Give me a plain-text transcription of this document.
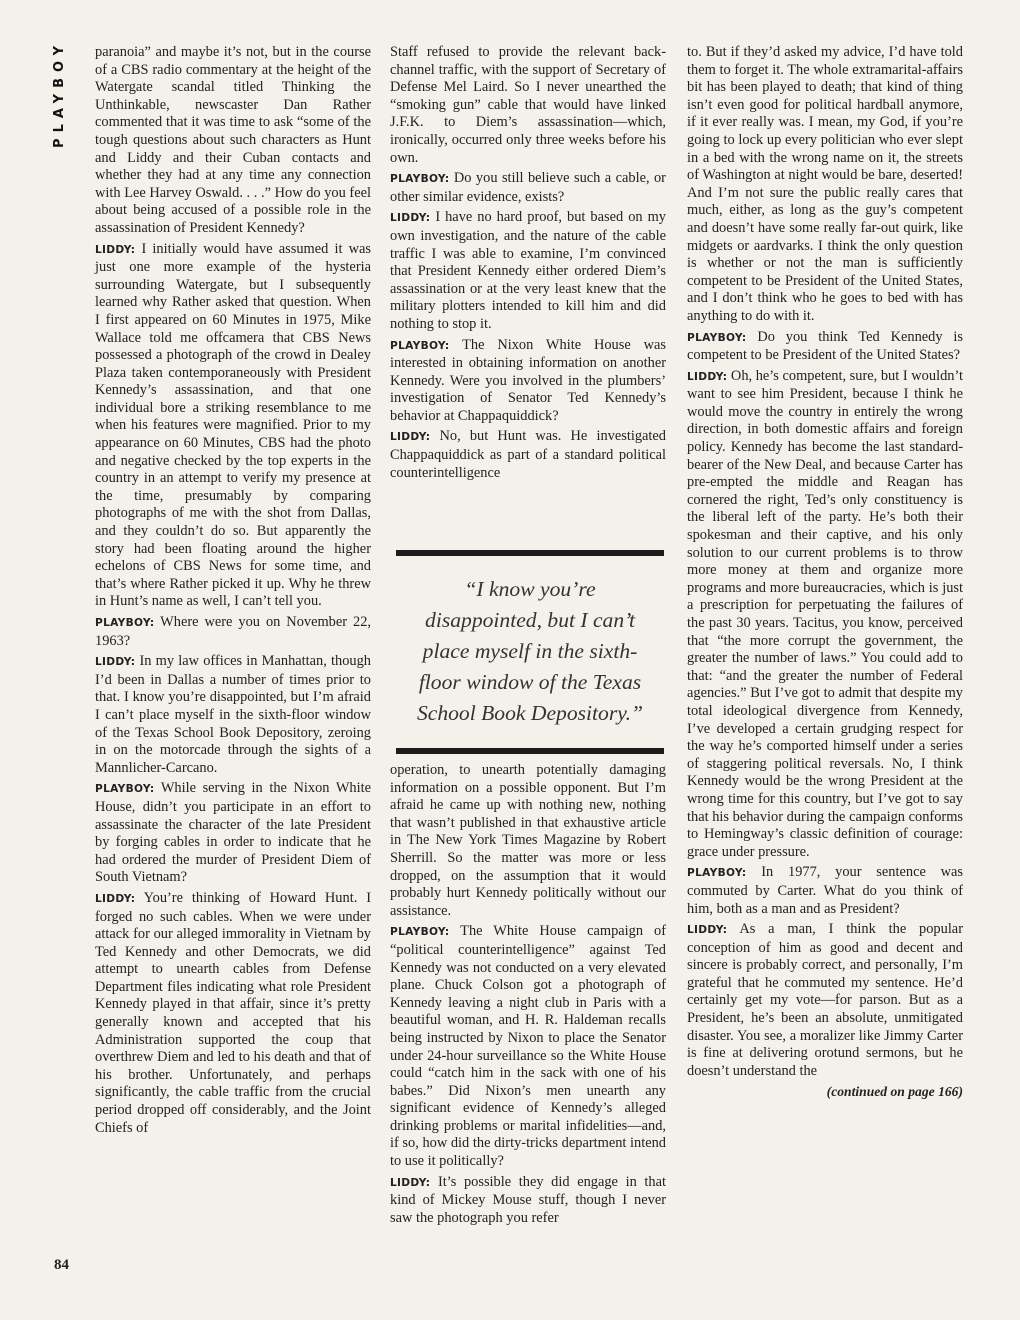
PLAYBOY
84

paranoia” and maybe it’s not, but in the course of a CBS radio commentary at the height of the Watergate scandal titled Thinking the Unthinkable, newscaster Dan Rather commented that it was time to ask “some of the tough questions about such characters as Hunt and Liddy and their Cuban contacts and whether they had at any time any connection with Lee Harvey Oswald. . . .” How do you feel about being accused of a possible role in the assassination of President Kennedy?

LIDDY: I initially would have assumed it was just one more example of the hysteria surrounding Watergate, but I subsequently learned why Rather asked that question. When I first appeared on 60 Minutes in 1975, Mike Wallace told me offcamera that CBS News possessed a photograph of the crowd in Dealey Plaza taken contemporaneously with President Kennedy’s assassination, and that one individual bore a striking resemblance to me when his features were magnified. Prior to my appearance on 60 Minutes, CBS had the photo and negative checked by the top experts in the country in an attempt to verify my presence at the time, presumably by comparing photographs of me with the shot from Dallas, and they couldn’t do so. But apparently the story had been floating around the higher echelons of CBS News for some time, and that’s where Rather picked it up. Why he threw in Hunt’s name as well, I can’t tell you.

PLAYBOY: Where were you on November 22, 1963?

LIDDY: In my law offices in Manhattan, though I’d been in Dallas a number of times prior to that. I know you’re disappointed, but I’m afraid I can’t place myself in the sixth-floor window of the Texas School Book Depository, zeroing in on the motorcade through the sights of a Mannlicher-Carcano.

PLAYBOY: While serving in the Nixon White House, didn’t you participate in an effort to assassinate the character of the late President by forging cables in order to indicate that he had ordered the murder of President Diem of South Vietnam?

LIDDY: You’re thinking of Howard Hunt. I forged no such cables. When we were under attack for our alleged immorality in Vietnam by Ted Kennedy and other Democrats, we did attempt to unearth cables from Defense Department files indicating what role President Kennedy played in that affair, since it’s pretty generally known and accepted that his Administration supported the coup that overthrew Diem and led to his death and that of his brother. Unfortunately, and perhaps significantly, the cable traffic from the crucial period dropped off considerably, and the Joint Chiefs of

Staff refused to provide the relevant back-channel traffic, with the support of Secretary of Defense Mel Laird. So I never unearthed the “smoking gun” cable that would have linked J.F.K. to Diem’s assassination—which, ironically, occurred only three weeks before his own.

PLAYBOY: Do you still believe such a cable, or other similar evidence, exists?

LIDDY: I have no hard proof, but based on my own investigation, and the nature of the cable traffic I was able to examine, I’m convinced that President Kennedy either ordered Diem’s assassination or at the very least knew that the military plotters intended to kill him and did nothing to stop it.

PLAYBOY: The Nixon White House was interested in obtaining information on another Kennedy. Were you involved in the plumbers’ investigation of Senator Ted Kennedy’s behavior at Chappaquiddick?

LIDDY: No, but Hunt was. He investigated Chappaquiddick as part of a standard political counterintelligence

“I know you’re disappointed, but I can’t place myself in the sixth-floor window of the Texas School Book Depository.”

operation, to unearth potentially damaging information on a possible opponent. But I’m afraid he came up with nothing new, nothing that wasn’t published in that exhaustive article in The New York Times Magazine by Robert Sherrill. So the matter was more or less dropped, on the assumption that it would probably hurt Kennedy politically without our assistance.

PLAYBOY: The White House campaign of “political counterintelligence” against Ted Kennedy was not conducted on a very elevated plane. Chuck Colson got a photograph of Kennedy leaving a night club in Paris with a beautiful woman, and H. R. Haldeman recalls being instructed by Nixon to place the Senator under 24-hour surveillance so the White House could “catch him in the sack with one of his babes.” Did Nixon’s men unearth any significant evidence of Kennedy’s alleged drinking problems or marital infidelities—and, if so, how did the dirty-tricks department intend to use it politically?

LIDDY: It’s possible they did engage in that kind of Mickey Mouse stuff, though I never saw the photograph you refer

to. But if they’d asked my advice, I’d have told them to forget it. The whole extramarital-affairs bit has been played to death; that kind of thing isn’t even good for political hardball anymore, if it ever really was. I mean, my God, if you’re going to lock up every politician who ever slept in a bed with the wrong name on it, the streets of Washington at night would be bare, deserted! And I’m not sure the public really cares that much, either, as long as the guy’s competent and doesn’t have some really far-out quirk, like midgets or aardvarks. I think the only question is whether or not the man is sufficiently competent to be President of the United States, and I don’t think who he goes to bed with has anything to do with it.

PLAYBOY: Do you think Ted Kennedy is competent to be President of the United States?

LIDDY: Oh, he’s competent, sure, but I wouldn’t want to see him President, because I think he would move the country in entirely the wrong direction, in both domestic affairs and foreign policy. Kennedy has become the last standard-bearer of the New Deal, and because Carter has pre-empted the middle and Reagan has cornered the right, Ted’s only constituency is the liberal left of the party. He’s both their spokesman and their captive, and his only solution to our current problems is to throw more money at them and organize more programs and more bureaucracies, which is just a prescription for perpetuating the failures of the past 30 years. Tacitus, you know, perceived that “the more corrupt the government, the greater the number of laws.” You could add to that: “and the greater the number of Federal agencies.” But I’ve got to admit that despite my total ideological divergence from Kennedy, I’ve developed a certain grudging respect for the way he’s comported himself under a series of staggering political reversals. No, I think Kennedy would be the wrong President at the wrong time for this country, but I’ve got to say that his behavior during the campaign conforms to Hemingway’s classic definition of courage: grace under pressure.

PLAYBOY: In 1977, your sentence was commuted by Carter. What do you think of him, both as a man and as President?

LIDDY: As a man, I think the popular conception of him as good and decent and sincere is probably correct, and personally, I’m grateful that he commuted my sentence. He’d certainly get my vote—for parson. But as a President, he’s been an absolute, unmitigated disaster. You see, a moralizer like Jimmy Carter is fine at delivering orotund sermons, but he doesn’t understand the

(continued on page 166)
